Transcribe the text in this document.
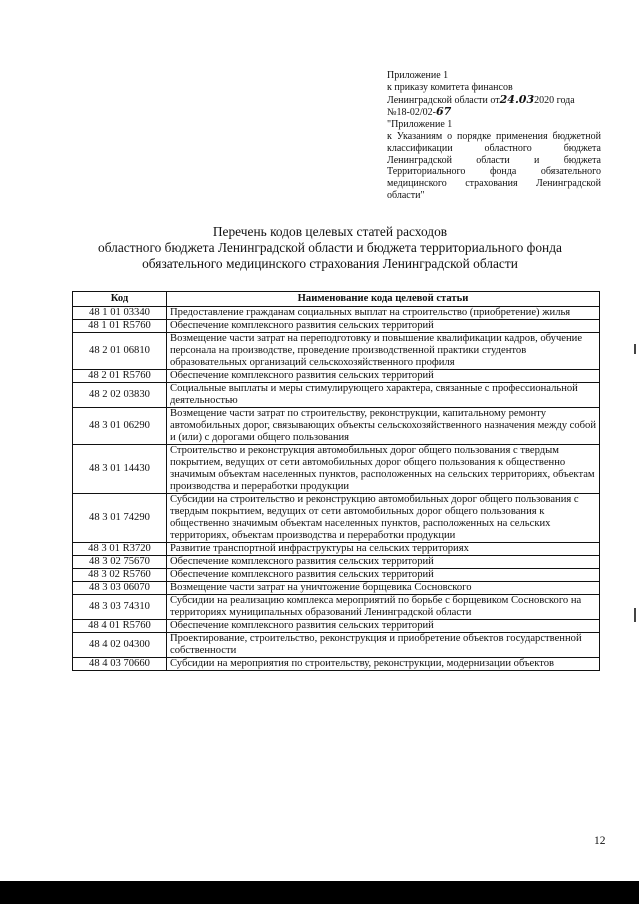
Приложение 1
к приказу комитета финансов
Ленинградской области от24.032020 года
№18-02/02-67
"Приложение 1
к Указаниям о порядке применения бюджетной классификации областного бюджета Ленинградской области и бюджета Территориального фонда обязательного медицинского страхования Ленинградской области"
Перечень кодов целевых статей расходов
областного бюджета Ленинградской области и бюджета территориального фонда
обязательного медицинского страхования Ленинградской области
Код	Наименование кода целевой статьи
48 1 01 03340	Предоставление гражданам социальных выплат на строительство (приобретение) жилья
48 1 01 R5760	Обеспечение комплексного развития сельских территорий
48 2 01 06810	Возмещение части затрат на переподготовку и повышение квалификации кадров, обучение персонала на производстве, проведение производственной практики студентов образовательных организаций сельскохозяйственного профиля
48 2 01 R5760	Обеспечение комплексного развития сельских территорий
48 2 02 03830	Социальные выплаты и меры стимулирующего характера, связанные с профессиональной деятельностью
48 3 01 06290	Возмещение части затрат по строительству, реконструкции, капитальному ремонту автомобильных дорог, связывающих объекты сельскохозяйственного назначения между собой и (или) с дорогами общего пользования
48 3 01 14430	Строительство и реконструкция автомобильных дорог общего пользования с твердым покрытием, ведущих от сети автомобильных дорог общего пользования к общественно значимым объектам населенных пунктов, расположенных на сельских территориях, объектам производства и переработки продукции
48 3 01 74290	Субсидии на строительство и реконструкцию автомобильных дорог общего пользования с твердым покрытием, ведущих от сети автомобильных дорог общего пользования к общественно значимым объектам населенных пунктов, расположенных на сельских территориях, объектам производства и переработки продукции
48 3 01 R3720	Развитие транспортной инфраструктуры на сельских территориях
48 3 02 75670	Обеспечение комплексного развития сельских территорий
48 3 02 R5760	Обеспечение комплексного развития сельских территорий
48 3 03 06070	Возмещение части затрат на уничтожение борщевика Сосновского
48 3 03 74310	Субсидии на реализацию комплекса мероприятий по борьбе с борщевиком Сосновского на территориях муниципальных образований Ленинградской области
48 4 01 R5760	Обеспечение комплексного развития сельских территорий
48 4 02 04300	Проектирование, строительство, реконструкция и приобретение объектов государственной собственности
48 4 03 70660	Субсидии на мероприятия по строительству, реконструкции, модернизации объектов
12
